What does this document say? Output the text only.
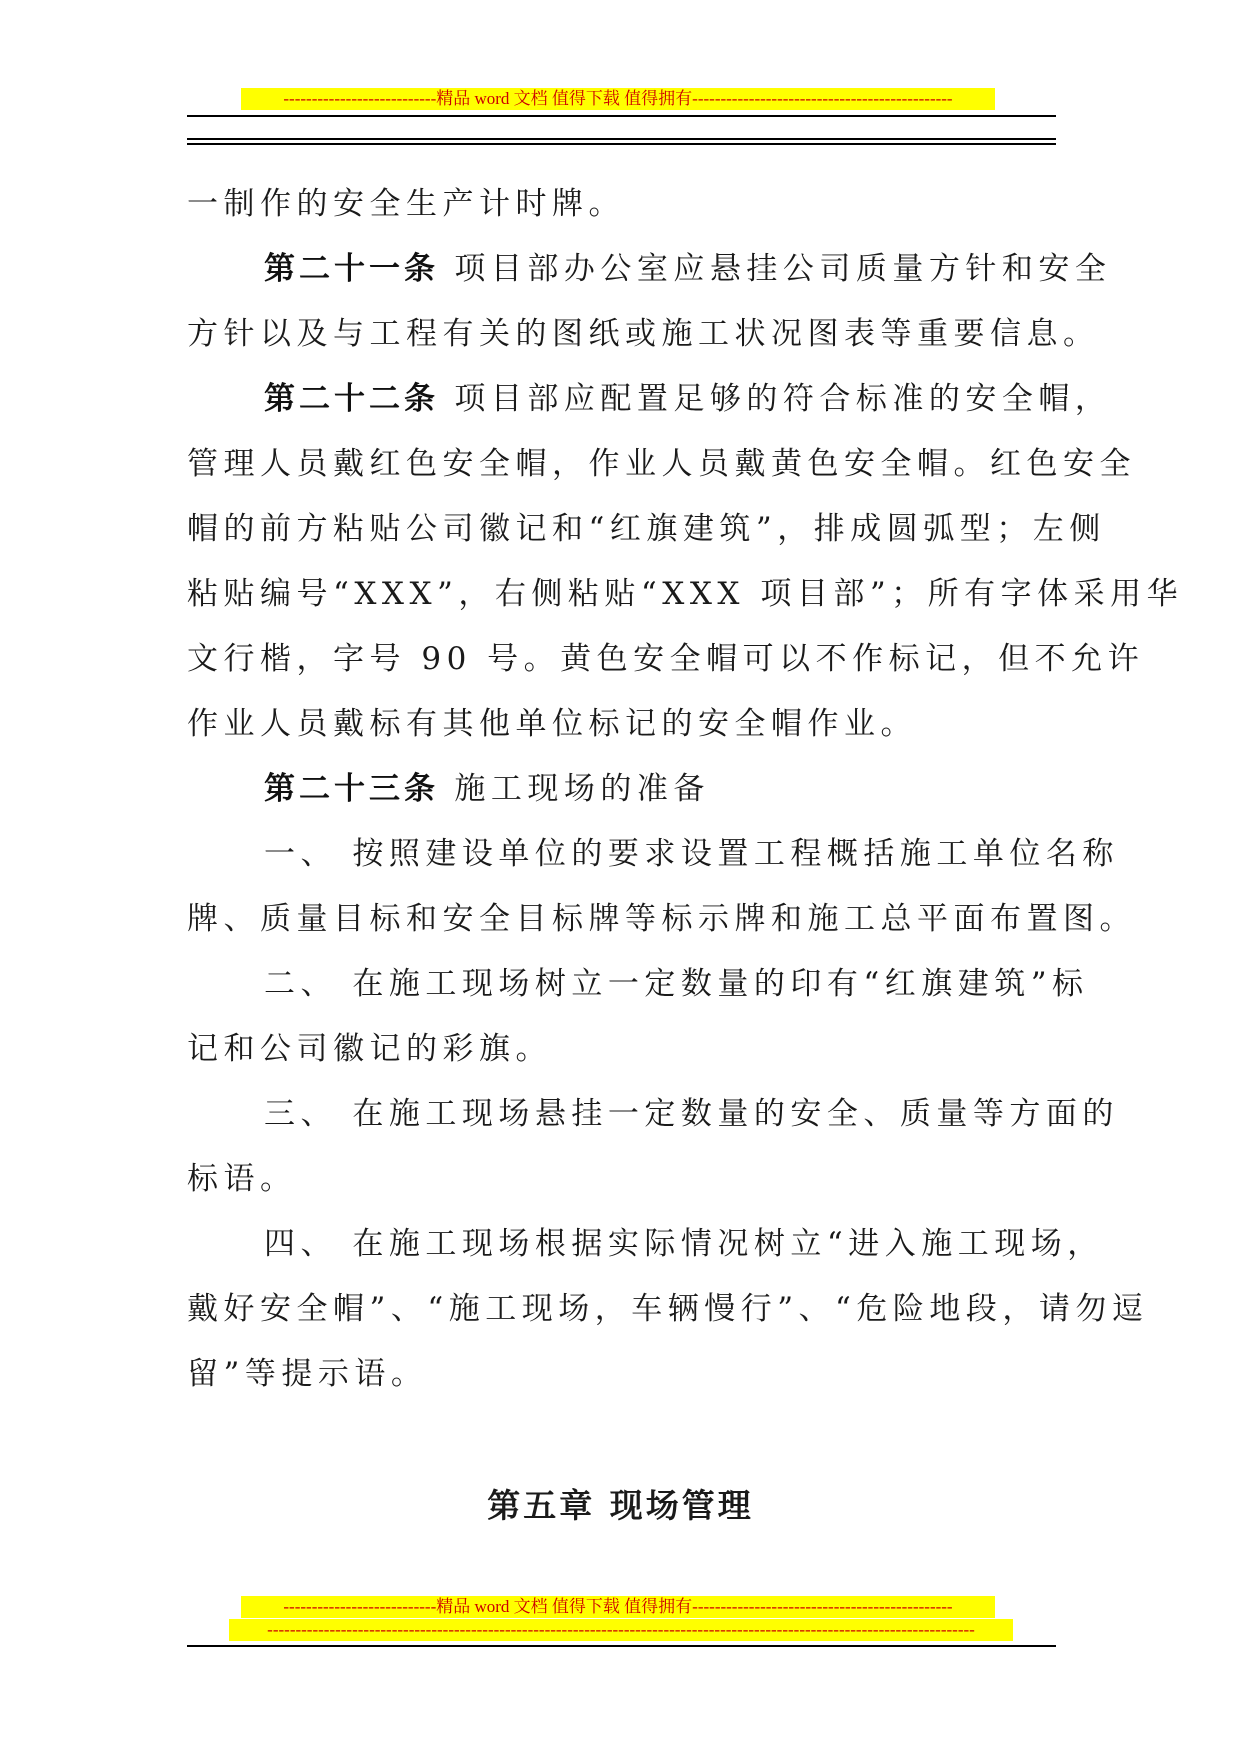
---------------------------精品 word 文档 值得下载 值得拥有----------------------------------------------
一制作的安全生产计时牌。
第二十一条 项目部办公室应悬挂公司质量方针和安全
方针以及与工程有关的图纸或施工状况图表等重要信息。
第二十二条 项目部应配置足够的符合标准的安全帽，
管理人员戴红色安全帽，作业人员戴黄色安全帽。红色安全
帽的前方粘贴公司徽记和“红旗建筑”，排成圆弧型；左侧
粘贴编号“XXX”，右侧粘贴“XXX 项目部”；所有字体采用华
文行楷，字号 90 号。黄色安全帽可以不作标记，但不允许
作业人员戴标有其他单位标记的安全帽作业。
第二十三条 施工现场的准备
一、 按照建设单位的要求设置工程概括施工单位名称
牌、质量目标和安全目标牌等标示牌和施工总平面布置图。
二、 在施工现场树立一定数量的印有“红旗建筑”标
记和公司徽记的彩旗。
三、 在施工现场悬挂一定数量的安全、质量等方面的
标语。
四、 在施工现场根据实际情况树立“进入施工现场，
戴好安全帽”、“施工现场，车辆慢行”、“危险地段，请勿逗
留”等提示语。
第五章 现场管理
---------------------------精品 word 文档 值得下载 值得拥有----------------------------------------------
-----------------------------------------------------------------------------------------------------------------------------
